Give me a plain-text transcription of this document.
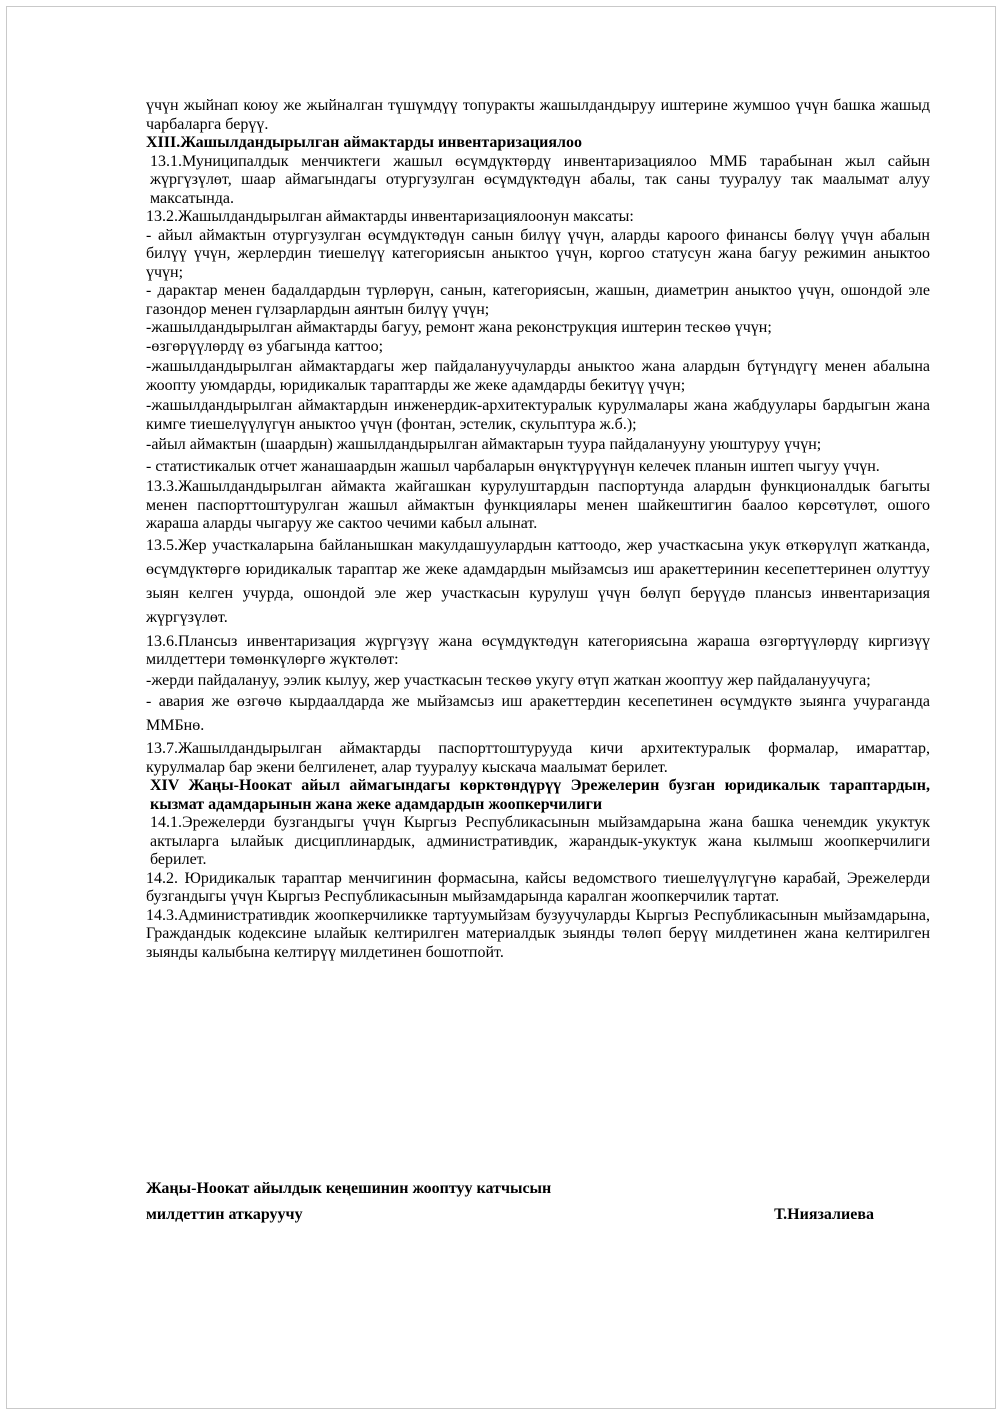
үчүн жыйнап коюу же жыйналган түшүмдүү топуракты жашылдандыруу иштерине жумшоо үчүн башка жашыд чарбаларга берүү.

XIII.Жашылдандырылган аймактарды инвентаризациялоо

13.1.Муниципалдык менчиктеги жашыл өсүмдүктөрдү инвентаризациялоо ММБ тарабынан жыл сайын жүргүзүлөт, шаар аймагындагы отургузулган өсүмдүктөдүн абалы, так саны тууралуу так маалымат алуу максатында.

13.2.Жашылдандырылган аймактарды инвентаризациялоонун максаты:

- айыл аймактын отургузулган өсүмдүктөдүн санын билүү үчүн, аларды кароого финансы бөлүү үчүн абалын билүү үчүн, жерлердин тиешелүү категориясын аныктоо үчүн, коргоо статусун жана багуу режимин аныктоо үчүн;

- дарактар менен бадалдардын түрлөрүн, санын, категориясын, жашын, диаметрин аныктоо үчүн, ошондой эле газондор менен гүлзарлардын аянтын билүү үчүн;

-жашылдандырылган аймактарды багуу, ремонт жана реконструкция иштерин тескөө үчүн;

-өзгөрүүлөрдү өз убагында каттоо;

-жашылдандырылган аймактардагы жер пайдалануучуларды аныктоо жана алардын бүтүндүгү менен абалына жоопту уюмдарды, юридикалык тараптарды же жеке адамдарды бекитүү үчүн;

-жашылдандырылган аймактардын инженердик-архитектуралык курулмалары жана жабдуулары бардыгын жана кимге тиешелүүлүгүн аныктоо үчүн (фонтан, эстелик, скульптура ж.б.);

-айыл аймактын (шаардын) жашылдандырылган аймактарын туура пайдаланууну уюштуруу үчүн;

- статистикалык отчет жанашаардын жашыл чарбаларын өнүктүрүүнүн келечек планын иштеп чыгуу үчүн.

13.3.Жашылдандырылган аймакта жайгашкан курулуштардын паспортунда алардын функционалдык багыты менен паспорттоштурулган жашыл аймактын функциялары менен шайкештигин баалоо көрсөтүлөт, ошого жараша аларды чыгаруу же сактоо чечими кабыл алынат.

13.5.Жер участкаларына байланышкан макулдашуулардын каттоодо, жер участкасына укук өткөрүлүп жатканда, өсүмдүктөргө юридикалык тараптар же жеке адамдардын мыйзамсыз иш аракеттеринин кесепеттеринен олуттуу зыян келген учурда, ошондой эле жер участкасын курулуш үчүн бөлүп берүүдө плансыз инвентаризация жүргүзүлөт.

13.6.Плансыз инвентаризация жүргүзүү жана өсүмдүктөдүн категориясына жараша өзгөртүүлөрдү киргизүү милдеттери төмөнкүлөргө жүктөлөт:

-жерди пайдалануу, ээлик кылуу, жер участкасын тескөө укугу өтүп жаткан жооптуу жер пайдалануучуга;

- авария же өзгөчө кырдаалдарда же мыйзамсыз иш аракеттердин кесепетинен өсүмдүктө зыянга учураганда ММБнө.

13.7.Жашылдандырылган аймактарды паспорттоштурууда кичи архитектуралык формалар, имараттар, курулмалар бар экени белгиленет, алар тууралуу кыскача маалымат берилет.

XIV Жаңы-Ноокат айыл аймагындагы көрктөндүрүү Эрежелерин бузган юридикалык тараптардын, кызмат адамдарынын жана жеке адамдардын жоопкерчилиги

14.1.Эрежелерди бузгандыгы үчүн Кыргыз Республикасынын мыйзамдарына жана башка ченемдик укуктук актыларга ылайык дисциплинардык, административдик, жарандык-укуктук жана кылмыш жоопкерчилиги берилет.

14.2. Юридикалык тараптар менчигинин формасына, кайсы ведомствого тиешелүүлүгүнө карабай, Эрежелерди бузгандыгы үчүн Кыргыз Республикасынын мыйзамдарында каралган жоопкерчилик тартат.

14.3.Административдик жоопкерчиликке тартуумыйзам бузуучуларды Кыргыз Республикасынын мыйзамдарына, Граждандык кодексине ылайык келтирилген материалдык зыянды төлөп берүү милдетинен жана келтирилген зыянды калыбына келтирүү милдетинен бошотпойт.

Жаңы-Ноокат айылдык кеңешинин жооптуу катчысын
милдеттин аткаруучу	Т.Ниязалиева
